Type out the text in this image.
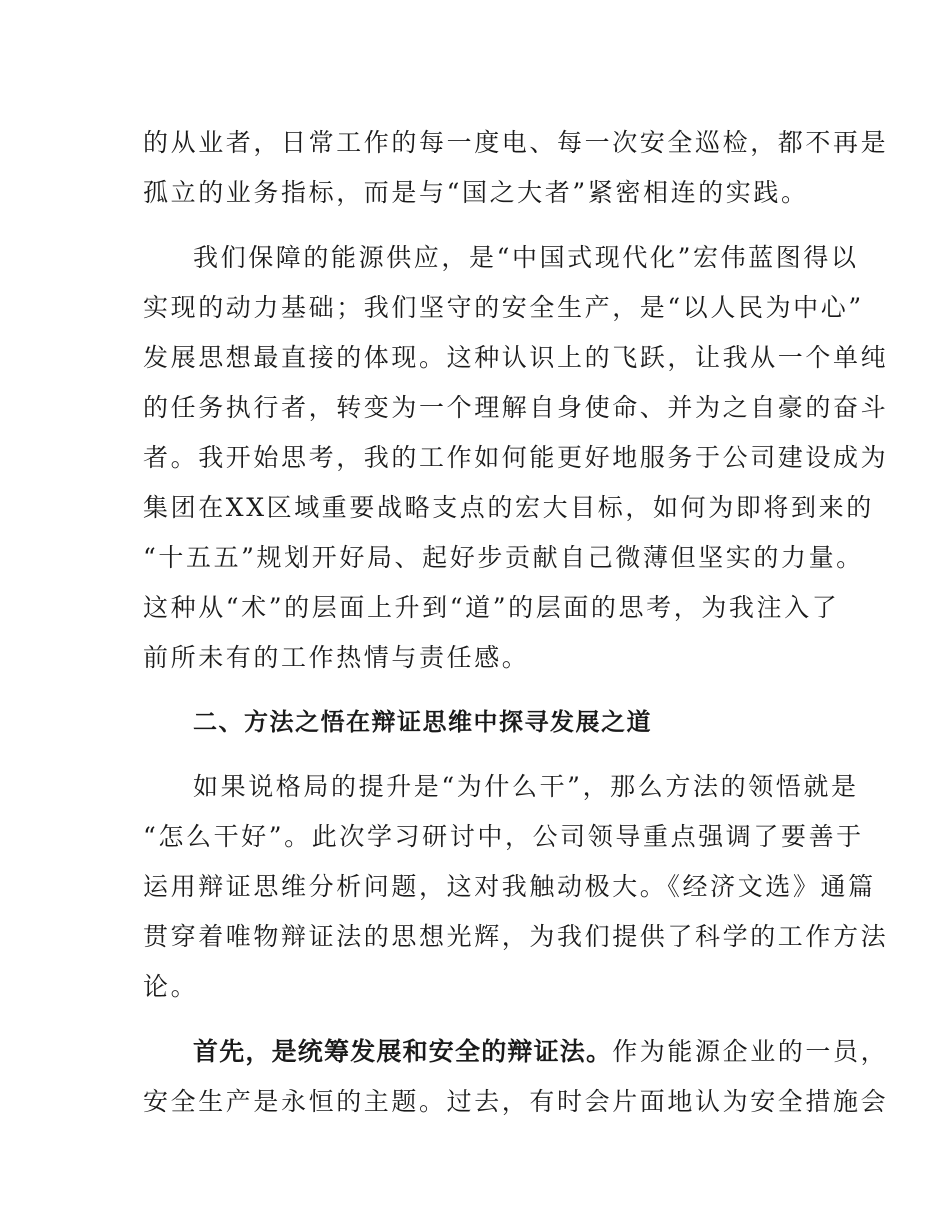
的从业者，日常工作的每一度电、每一次安全巡检，都不再是
孤立的业务指标，而是与“国之大者”紧密相连的实践。
我们保障的能源供应，是“中国式现代化”宏伟蓝图得以
实现的动力基础；我们坚守的安全生产，是“以人民为中心”
发展思想最直接的体现。这种认识上的飞跃，让我从一个单纯
的任务执行者，转变为一个理解自身使命、并为之自豪的奋斗
者。我开始思考，我的工作如何能更好地服务于公司建设成为
集团在XX区域重要战略支点的宏大目标，如何为即将到来的
“十五五”规划开好局、起好步贡献自己微薄但坚实的力量。
这种从“术”的层面上升到“道”的层面的思考，为我注入了
前所未有的工作热情与责任感。
二、方法之悟在辩证思维中探寻发展之道
如果说格局的提升是“为什么干”，那么方法的领悟就是
“怎么干好”。此次学习研讨中，公司领导重点强调了要善于
运用辩证思维分析问题，这对我触动极大。《经济文选》通篇
贯穿着唯物辩证法的思想光辉，为我们提供了科学的工作方法
论。
首先，是统筹发展和安全的辩证法。作为能源企业的一员，
安全生产是永恒的主题。过去，有时会片面地认为安全措施会
